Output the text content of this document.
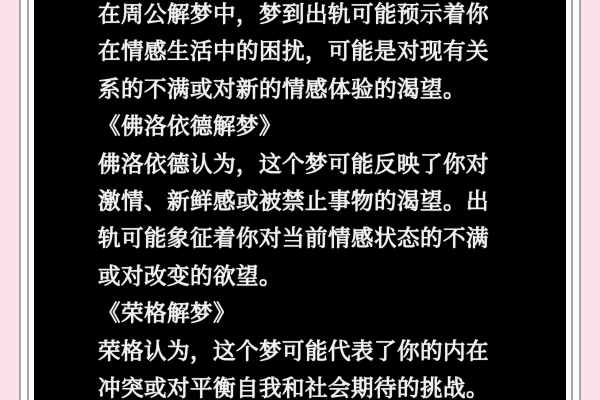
在周公解梦中，梦到出轨可能预示着你
在情感生活中的困扰，可能是对现有关
系的不满或对新的情感体验的渴望。
《佛洛依德解梦》
佛洛依德认为，这个梦可能反映了你对
激情、新鲜感或被禁止事物的渴望。出
轨可能象征着你对当前情感状态的不满
或对改变的欲望。
《荣格解梦》
荣格认为，这个梦可能代表了你的内在
冲突或对平衡自我和社会期待的挑战。
